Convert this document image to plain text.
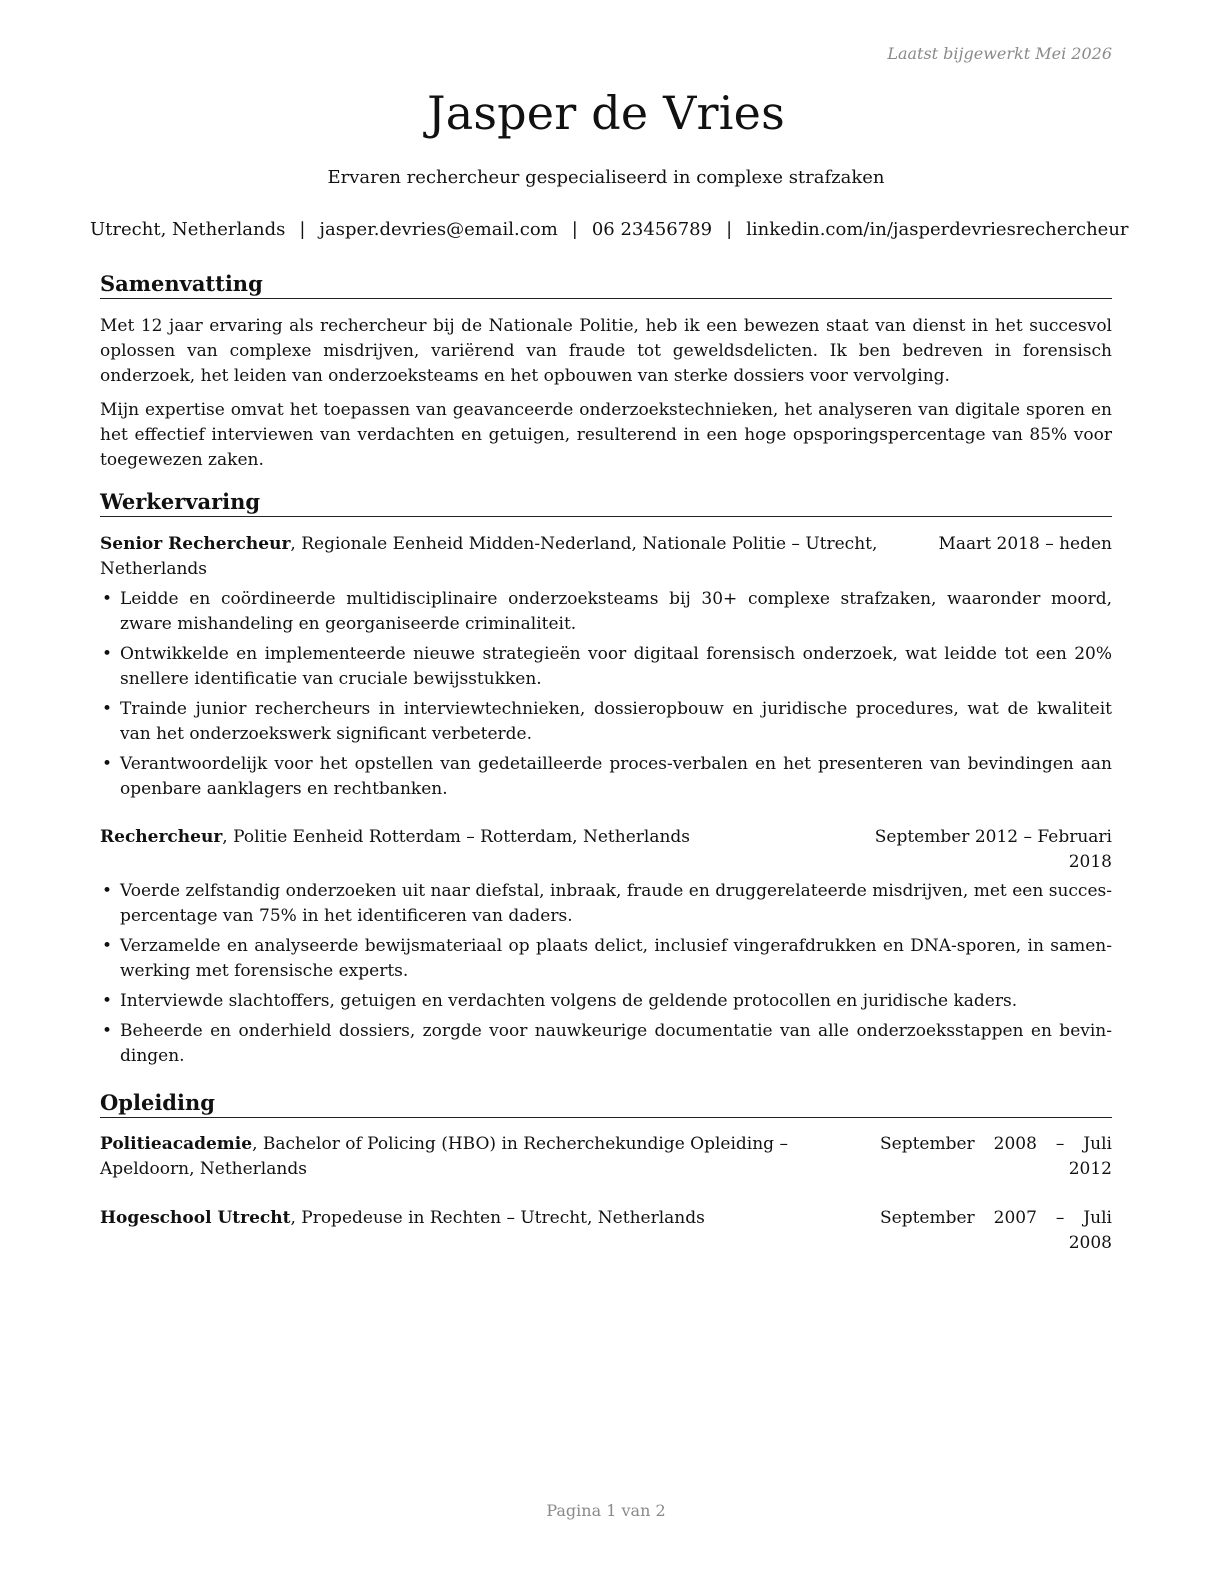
Laatst bijgewerkt Mei 2026
Jasper de Vries
Ervaren rechercheur gespecialiseerd in complexe strafzaken
Utrecht, Netherlands | jasper.devries@email.com | 06 23456789 | linkedin.com/in/jasperdevriesrechercheur
Samenvatting

Met 12 jaar ervaring als rechercheur bij de Nationale Politie, heb ik een bewezen staat van dienst in het succesvol oplossen van complexe misdrijven, variërend van fraude tot geweldsdelicten. Ik ben bedreven in forensisch onderzoek, het leiden van onderzoeksteams en het opbouwen van sterke dossiers voor vervolging.

Mijn expertise omvat het toepassen van geavanceerde onderzoekstechnieken, het analyseren van digitale sporen en het effectief interviewen van verdachten en getuigen, resulterend in een hoge opsporingspercentage van 85% voor toegewezen zaken.

Werkervaring
Senior Rechercheur, Regionale Eenheid Midden-Nederland, Nationale Politie – Utrecht, Netherlands
Maart 2018 – heden
• Leidde en coördineerde multidisciplinaire onderzoeksteams bij 30+ complexe strafzaken, waaronder moord, zware mishandeling en georganiseerde criminaliteit.
• Ontwikkelde en implementeerde nieuwe strategieën voor digitaal forensisch onderzoek, wat leidde tot een 20% snellere identificatie van cruciale bewijsstukken.
• Trainde junior rechercheurs in interviewtechnieken, dossieropbouw en juridische procedures, wat de kwaliteit van het onderzoekswerk significant verbeterde.
• Verantwoordelijk voor het opstellen van gedetailleerde proces-verbalen en het presenteren van bevindingen aan openbare aanklagers en rechtbanken.
Rechercheur, Politie Eenheid Rotterdam – Rotterdam, Netherlands	September 2012 – Februari 2018
• Voerde zelfstandig onderzoeken uit naar diefstal, inbraak, fraude en druggerelateerde misdrijven, met een succespercentage van 75% in het identificeren van daders.
• Verzamelde en analyseerde bewijsmateriaal op plaats delict, inclusief vingerafdrukken en DNA-sporen, in samenwerking met forensische experts.
• Interviewde slachtoffers, getuigen en verdachten volgens de geldende protocollen en juridische kaders.
• Beheerde en onderhield dossiers, zorgde voor nauwkeurige documentatie van alle onderzoeksstappen en bevindingen.
Opleiding
Politieacademie, Bachelor of Policing (HBO) in Recherchekundige Opleiding – Apeldoorn, Netherlands
September 2008 – Juli 2012
Hogeschool Utrecht, Propedeuse in Rechten – Utrecht, Netherlands	September 2007 – Juli 2008
Pagina 1 van 2
